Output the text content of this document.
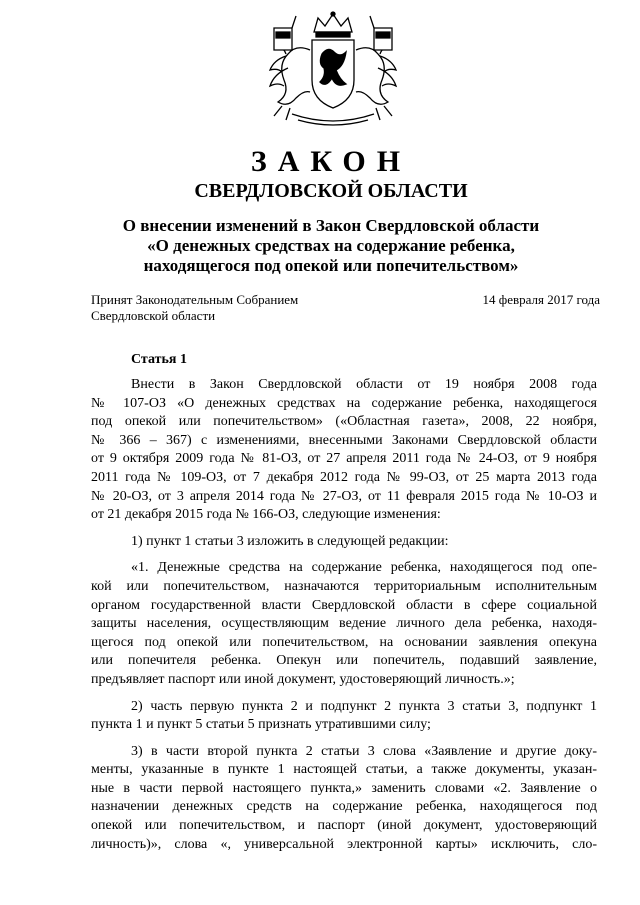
ЗАКОН
СВЕРДЛОВСКОЙ ОБЛАСТИ
О внесении изменений в Закон Свердловской области
«О денежных средствах на содержание ребенка,
находящегося под опекой или попечительством»
Принят Законодательным Собранием
Свердловской области
14 февраля 2017 года
Статья 1
Внести в Закон Свердловской области от 19 ноября 2008 года
№ 107-ОЗ «О денежных средствах на содержание ребенка, находящегося
под опекой или попечительством» («Областная газета», 2008, 22 ноября,
№ 366 – 367) с изменениями, внесенными Законами Свердловской области
от 9 октября 2009 года № 81-ОЗ, от 27 апреля 2011 года № 24-ОЗ, от 9 ноября
2011 года № 109-ОЗ, от 7 декабря 2012 года № 99-ОЗ, от 25 марта 2013 года
№ 20-ОЗ, от 3 апреля 2014 года № 27-ОЗ, от 11 февраля 2015 года № 10-ОЗ и
от 21 декабря 2015 года № 166-ОЗ, следующие изменения:
1) пункт 1 статьи 3 изложить в следующей редакции:
«1. Денежные средства на содержание ребенка, находящегося под опе-
кой или попечительством, назначаются территориальным исполнительным
органом государственной власти Свердловской области в сфере социальной
защиты населения, осуществляющим ведение личного дела ребенка, находя-
щегося под опекой или попечительством, на основании заявления опекуна
или попечителя ребенка. Опекун или попечитель, подавший заявление,
предъявляет паспорт или иной документ, удостоверяющий личность.»;
2) часть первую пункта 2 и подпункт 2 пункта 3 статьи 3, подпункт 1
пункта 1 и пункт 5 статьи 5 признать утратившими силу;
3) в части второй пункта 2 статьи 3 слова «Заявление и другие доку-
менты, указанные в пункте 1 настоящей статьи, а также документы, указан-
ные в части первой настоящего пункта,» заменить словами «2. Заявление о
назначении денежных средств на содержание ребенка, находящегося под
опекой или попечительством, и паспорт (иной документ, удостоверяющий
личность)», слова «, универсальной электронной карты» исключить, сло-
